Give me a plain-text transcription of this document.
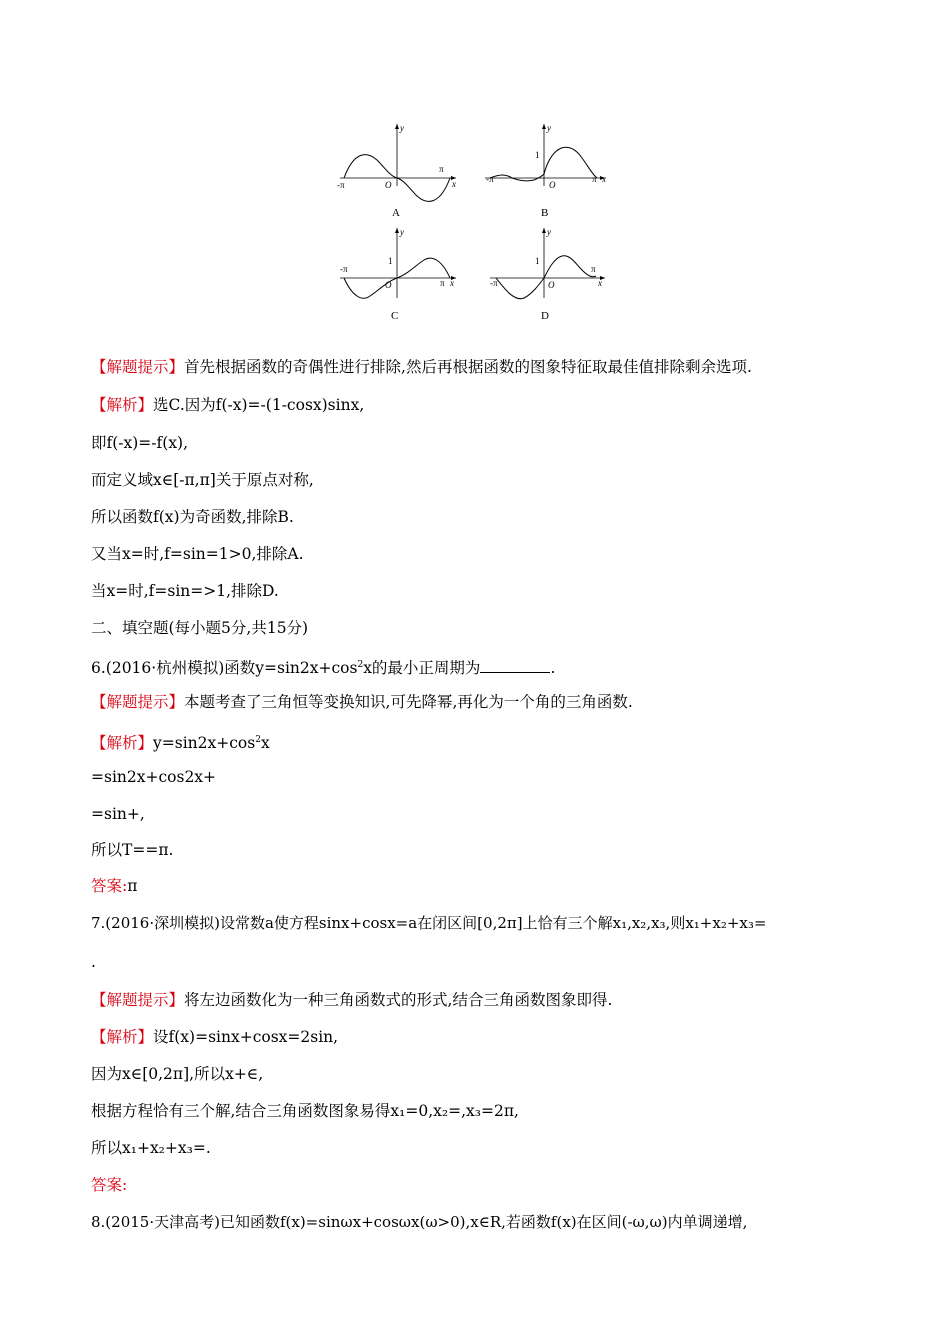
y
x
-π
π
O
A
y
x
1
-π	π
O
B
y
x
1
-π
π
O
C
y
x
1
-π
π
O
D
【解题提示】首先根据函数的奇偶性进行排除,然后再根据函数的图象特征取最佳值排除剩余选项.
【解析】选C.因为f(-x)=-(1-cosx)sinx,
即f(-x)=-f(x),
而定义域x∈[-π,π]关于原点对称,
所以函数f(x)为奇函数,排除B.
又当x=时,f=sin=1>0,排除A.
当x=时,f=sin=>1,排除D.
二、填空题(每小题5分,共15分)
6.(2016·杭州模拟)函数$y=\sin 2x+\cos^2x$的最小正周期为	.
【解题提示】本题考查了三角恒等变换知识,可先降幂,再化为一个角的三角函数.
【解析】$y=\sin 2x+\cos^2x$
=sin2x+cos2x+
=sin+,
所以T==π.
答案:π
7.(2016·深圳模拟)设常数a使方程sinx+cosx=a在闭区间[0,2π]上恰有三个解x₁,x₂,x₃,则x₁+x₂+x₃=
.
【解题提示】将左边函数化为一种三角函数式的形式,结合三角函数图象即得.
【解析】设f(x)=sinx+cosx=2sin,
因为x∈[0,2π],所以x+∈,
根据方程恰有三个解,结合三角函数图象易得x₁=0,x₂=,x₃=2π,
所以x₁+x₂+x₃=.
答案:
8.(2015·天津高考)已知函数f(x)=sinωx+cosωx(ω>0),x∈R,若函数f(x)在区间(-ω,ω)内单调递增,
